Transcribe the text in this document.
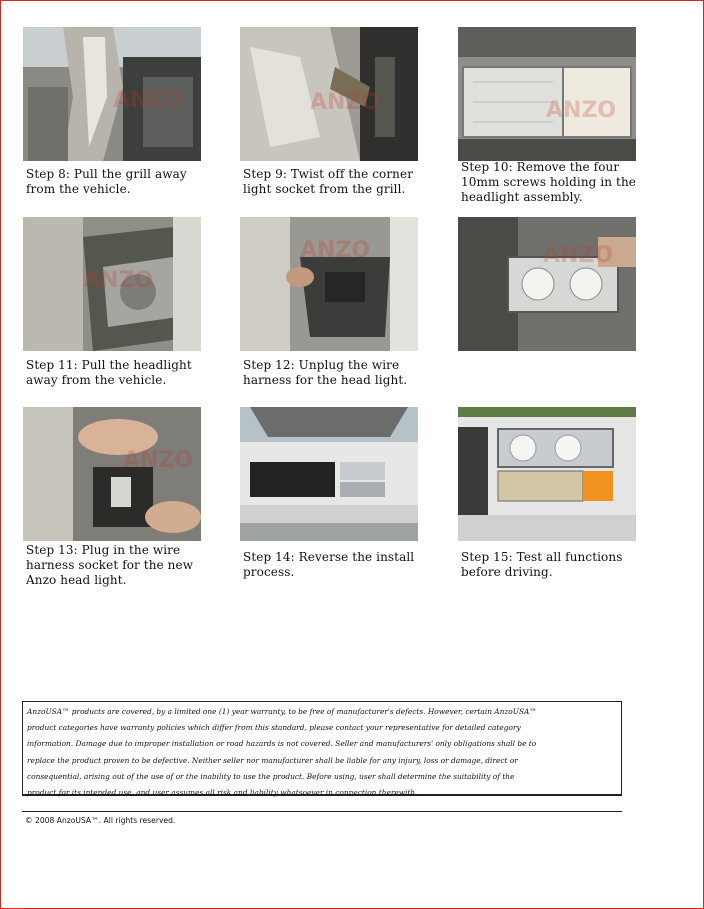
ANZO
Step 8: Pull the grill away from the vehicle.
ANZO
Step 9: Twist off the corner light socket from the grill.
ANZO
Step 10: Remove the four 10mm screws holding in the headlight assembly.
ANZO
Step 11: Pull the headlight away from the vehicle.
ANZO
Step 12: Unplug the wire harness for the head light.
ANZO
ANZO
Step 13: Plug in the wire harness socket for the new Anzo head light.
Step 14: Reverse the install process.
Step 15: Test all functions before driving.
AnzoUSA™ products are covered, by a limited one (1) year warranty, to be free of manufacturer's defects. However, certain AnzoUSA™
product categories have warranty policies which differ from this standard, please contact your representative for detailed category
information. Damage due to improper installation or road hazards is not covered. Seller and manufacturers' only obligations shall be to
replace the product proven to be defective. Neither seller nor manufacturer shall be liable for any injury, loss or damage, direct or
consequential, arising out of the use of or the inability to use the product. Before using, user shall determine the suitability of the
product for its intended use, and user assumes all risk and liability whatsoever in connection therewith.
© 2008 AnzoUSA™. All rights reserved.
